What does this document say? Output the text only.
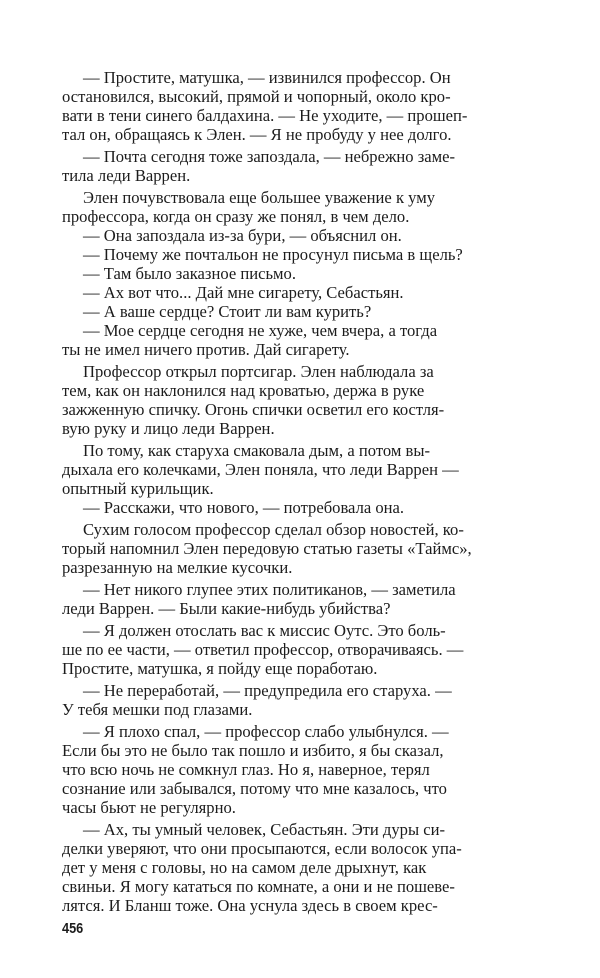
— Простите, матушка, — извинился профессор. Он
остановился, высокий, прямой и чопорный, около кро-
вати в тени синего балдахина. — Не уходите, — прошеп-
тал он, обращаясь к Элен. — Я не пробуду у нее долго.
— Почта сегодня тоже запоздала, — небрежно заме-
тила леди Варрен.
Элен почувствовала еще большее уважение к уму
профессора, когда он сразу же понял, в чем дело.
— Она запоздала из-за бури, — объяснил он.
— Почему же почтальон не просунул письма в щель?
— Там было заказное письмо.
— Ах вот что... Дай мне сигарету, Себастьян.
— А ваше сердце? Стоит ли вам курить?
— Мое сердце сегодня не хуже, чем вчера, а тогда
ты не имел ничего против. Дай сигарету.
Профессор открыл портсигар. Элен наблюдала за
тем, как он наклонился над кроватью, держа в руке
зажженную спичку. Огонь спички осветил его костля-
вую руку и лицо леди Варрен.
По тому, как старуха смаковала дым, а потом вы-
дыхала его колечками, Элен поняла, что леди Варрен —
опытный курильщик.
— Расскажи, что нового, — потребовала она.
Сухим голосом профессор сделал обзор новостей, ко-
торый напомнил Элен передовую статью газеты «Таймс»,
разрезанную на мелкие кусочки.
— Нет никого глупее этих политиканов, — заметила
леди Варрен. — Были какие-нибудь убийства?
— Я должен отослать вас к миссис Оутс. Это боль-
ше по ее части, — ответил профессор, отворачиваясь. —
Простите, матушка, я пойду еще поработаю.
— Не переработай, — предупредила его старуха. —
У тебя мешки под глазами.
— Я плохо спал, — профессор слабо улыбнулся. —
Если бы это не было так пошло и избито, я бы сказал,
что всю ночь не сомкнул глаз. Но я, наверное, терял
сознание или забывался, потому что мне казалось, что
часы бьют не регулярно.
— Ах, ты умный человек, Себастьян. Эти дуры си-
делки уверяют, что они просыпаются, если волосок упа-
дет у меня с головы, но на самом деле дрыхнут, как
свиньи. Я могу кататься по комнате, а они и не пошеве-
лятся. И Бланш тоже. Она уснула здесь в своем крес-
456
